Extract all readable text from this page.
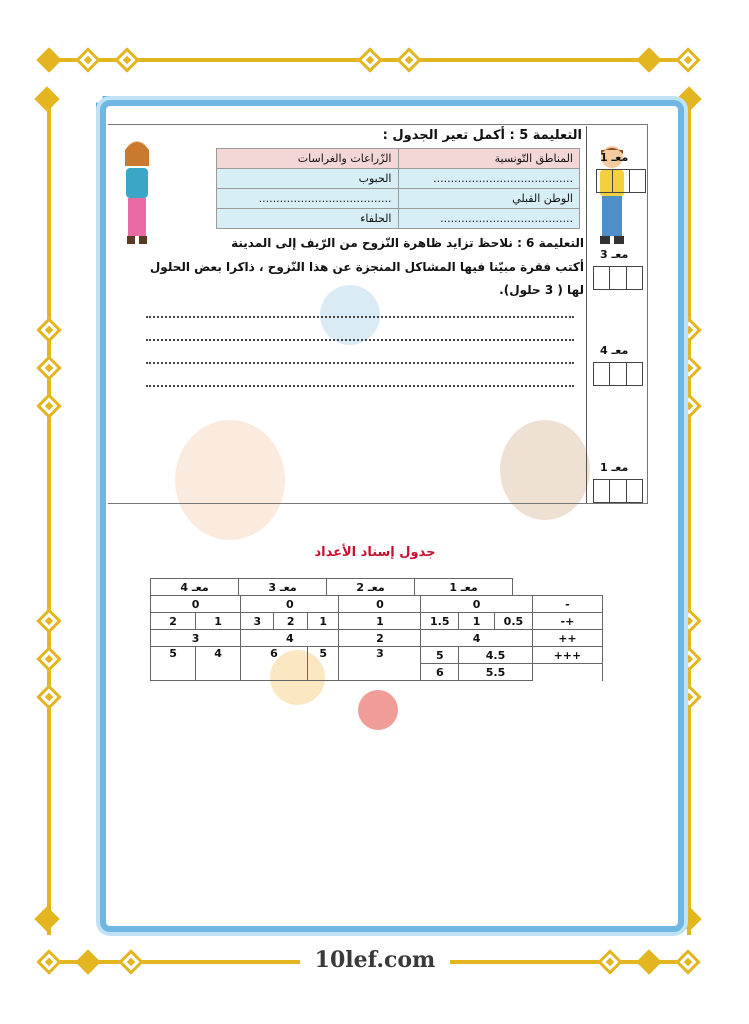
معـ 1
معـ 3
معـ 4
معـ 1
التعليمة 5 : أكمل تعير الجدول :
الزّراعات والغراسات	المناطق التّونسية
الحبوب	........................................
......................................	الوطن القبلي
الحلفاء	......................................
التعليمة 6 : نلاحظ تزايد ظاهرة النّزوح من الرّيف إلى المدينة
أكتب فقرة مبيّنا فيها المشاكل المنجزة عن هذا النّزوح ، ذاكرا بعض الحلول
لها ( 3 حلول).
جدول إسناد الأعداد
معـ 4	معـ 3	معـ 2	معـ 1
0		0			0	0			-
2	1	3	2	1	1	1.5	1	0.5	-+
3		4			2	4			++
5	4	6		5	3	5	4.5		+++
						6	5.5		
10lef.com
